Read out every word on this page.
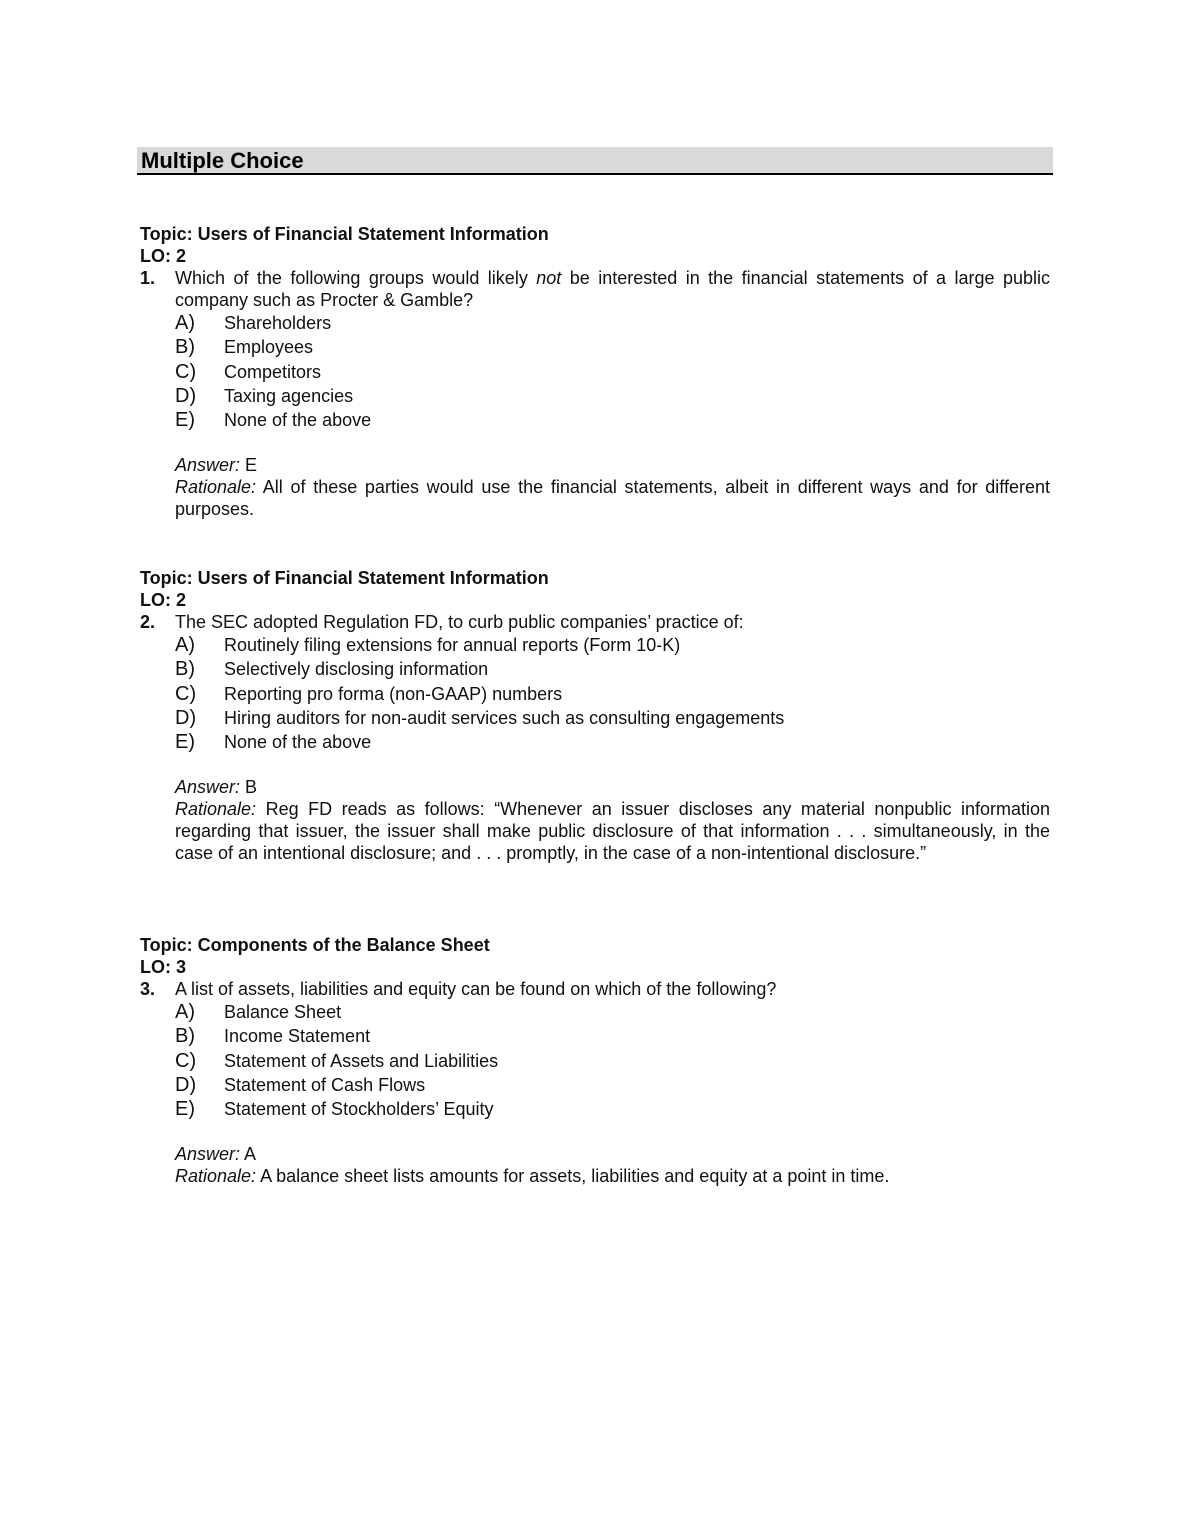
Multiple Choice
Topic: Users of Financial Statement Information
LO: 2
1.	Which of the following groups would likely not be interested in the financial statements of a large public company such as Procter & Gamble?
A)	Shareholders
B)	Employees
C)	Competitors
D)	Taxing agencies
E)	None of the above
Answer: E
Rationale: All of these parties would use the financial statements, albeit in different ways and for different purposes.
Topic: Users of Financial Statement Information
LO: 2
2.	The SEC adopted Regulation FD, to curb public companies’ practice of:
A)	Routinely filing extensions for annual reports (Form 10-K)
B)	Selectively disclosing information
C)	Reporting pro forma (non-GAAP) numbers
D)	Hiring auditors for non-audit services such as consulting engagements
E)	None of the above
Answer: B
Rationale: Reg FD reads as follows: “Whenever an issuer discloses any material nonpublic information regarding that issuer, the issuer shall make public disclosure of that information . . . simultaneously, in the case of an intentional disclosure; and . . . promptly, in the case of a non-intentional disclosure.”
Topic: Components of the Balance Sheet
LO: 3
3.	A list of assets, liabilities and equity can be found on which of the following?
A)	Balance Sheet
B)	Income Statement
C)	Statement of Assets and Liabilities
D)	Statement of Cash Flows
E)	Statement of Stockholders’ Equity
Answer: A
Rationale: A balance sheet lists amounts for assets, liabilities and equity at a point in time.
